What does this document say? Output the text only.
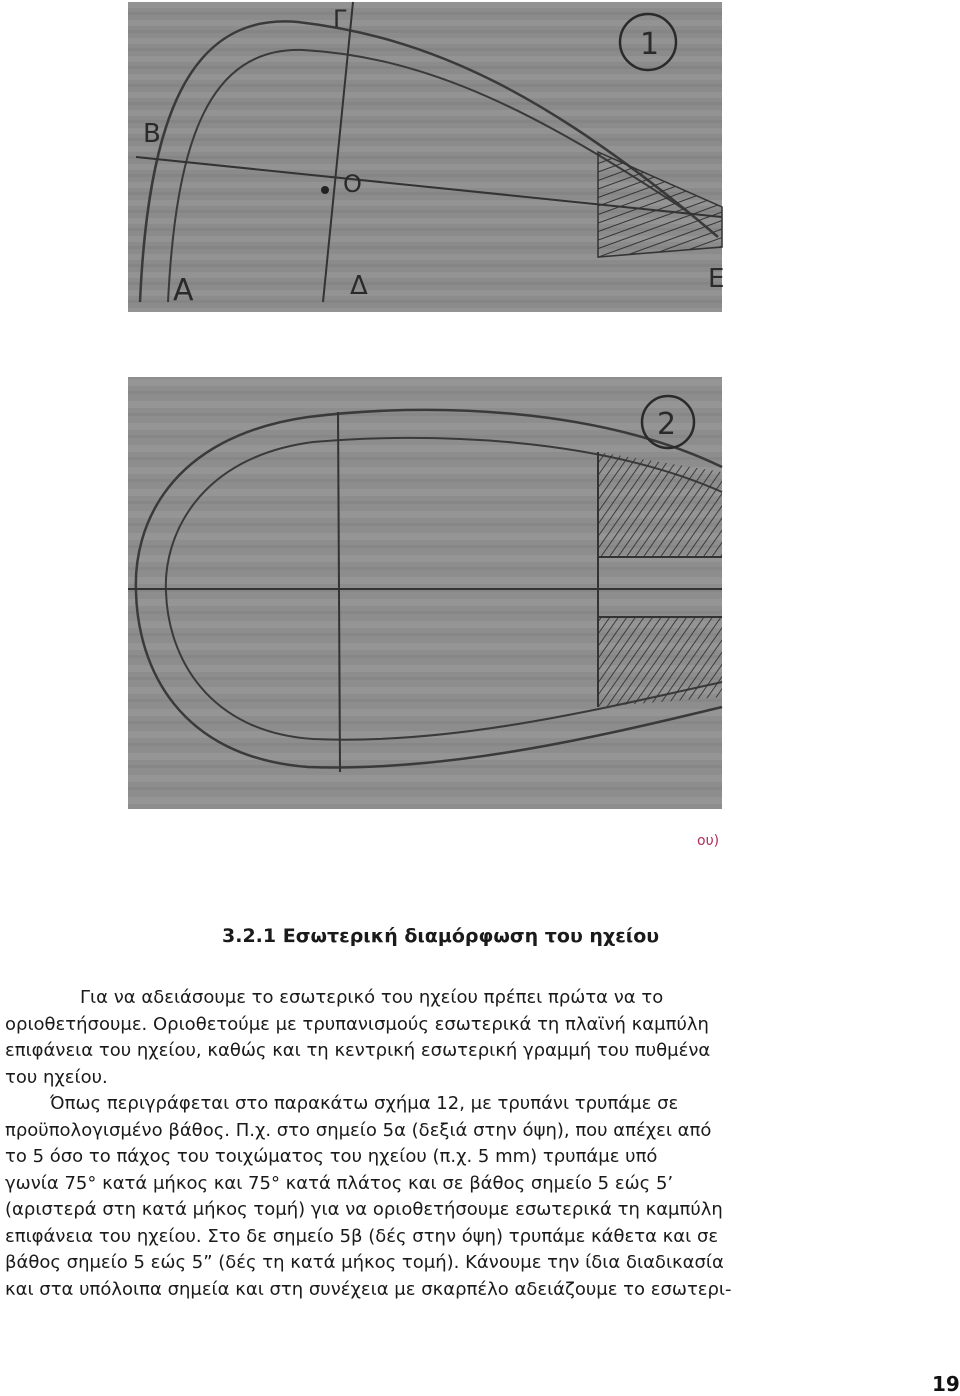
1
B
Γ
O
A	Δ	E
2
ου)
3.2.1 Εσωτερική διαμόρφωση του ηχείου
Για να αδειάσουμε το εσωτερικό του ηχείου πρέπει πρώτα να το
οριοθετήσουμε. Οριοθετούμε με τρυπανισμούς εσωτερικά τη πλαϊνή καμπύλη
επιφάνεια του ηχείου, καθώς και τη κεντρική εσωτερική γραμμή του πυθμένα
του ηχείου.
Όπως περιγράφεται στο παρακάτω σχήμα 12, με τρυπάνι τρυπάμε σε
προϋπολογισμένο βάθος. Π.χ. στο σημείο 5α (δεξιά στην όψη), που απέχει από
το 5 όσο το πάχος του τοιχώματος του ηχείου (π.χ. 5 mm) τρυπάμε υπό
γωνία 75° κατά μήκος και 75° κατά πλάτος και σε βάθος σημείο 5 εώς 5’
(αριστερά στη κατά μήκος τομή) για να οριοθετήσουμε εσωτερικά τη καμπύλη
επιφάνεια του ηχείου. Στο δε σημείο 5β (δές στην όψη) τρυπάμε κάθετα και σε
βάθος σημείο 5 εώς 5” (δές τη κατά μήκος τομή). Κάνουμε την ίδια διαδικασία
και στα υπόλοιπα σημεία και στη συνέχεια με σκαρπέλο αδειάζουμε το εσωτερι-
19
